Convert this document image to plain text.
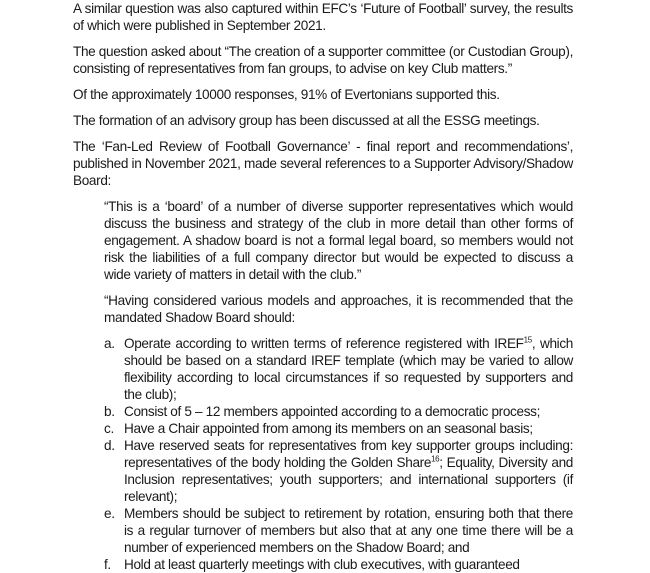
A similar question was also captured within EFC’s ‘Future of Football’ survey, the results of which were published in September 2021.

The question asked about “The creation of a supporter committee (or Custodian Group), consisting of representatives from fan groups, to advise on key Club matters.”

Of the approximately 10000 responses, 91% of Evertonians supported this.

The formation of an advisory group has been discussed at all the ESSG meetings.

The ‘Fan-Led Review of Football Governance’ - final report and recommendations’, published in November 2021, made several references to a Supporter Advisory/Shadow Board:

“This is a ‘board’ of a number of diverse supporter representatives which would discuss the business and strategy of the club in more detail than other forms of engagement. A shadow board is not a formal legal board, so members would not risk the liabilities of a full company director but would be expected to discuss a wide variety of matters in detail with the club.”

“Having considered various models and approaches, it is recommended that the mandated Shadow Board should:

a. Operate according to written terms of reference registered with IREF$^{15}$, which should be based on a standard IREF template (which may be varied to allow flexibility according to local circumstances if so requested by supporters and the club);
b. Consist of 5 – 12 members appointed according to a democratic process;
c. Have a Chair appointed from among its members on an seasonal basis;
d. Have reserved seats for representatives from key supporter groups including: representatives of the body holding the Golden Share$^{16}$; Equality, Diversity and Inclusion representatives; youth supporters; and international supporters (if relevant);
e. Members should be subject to retirement by rotation, ensuring both that there is a regular turnover of members but also that at any one time there will be a number of experienced members on the Shadow Board; and
f. Hold at least quarterly meetings with club executives, with guaranteed
